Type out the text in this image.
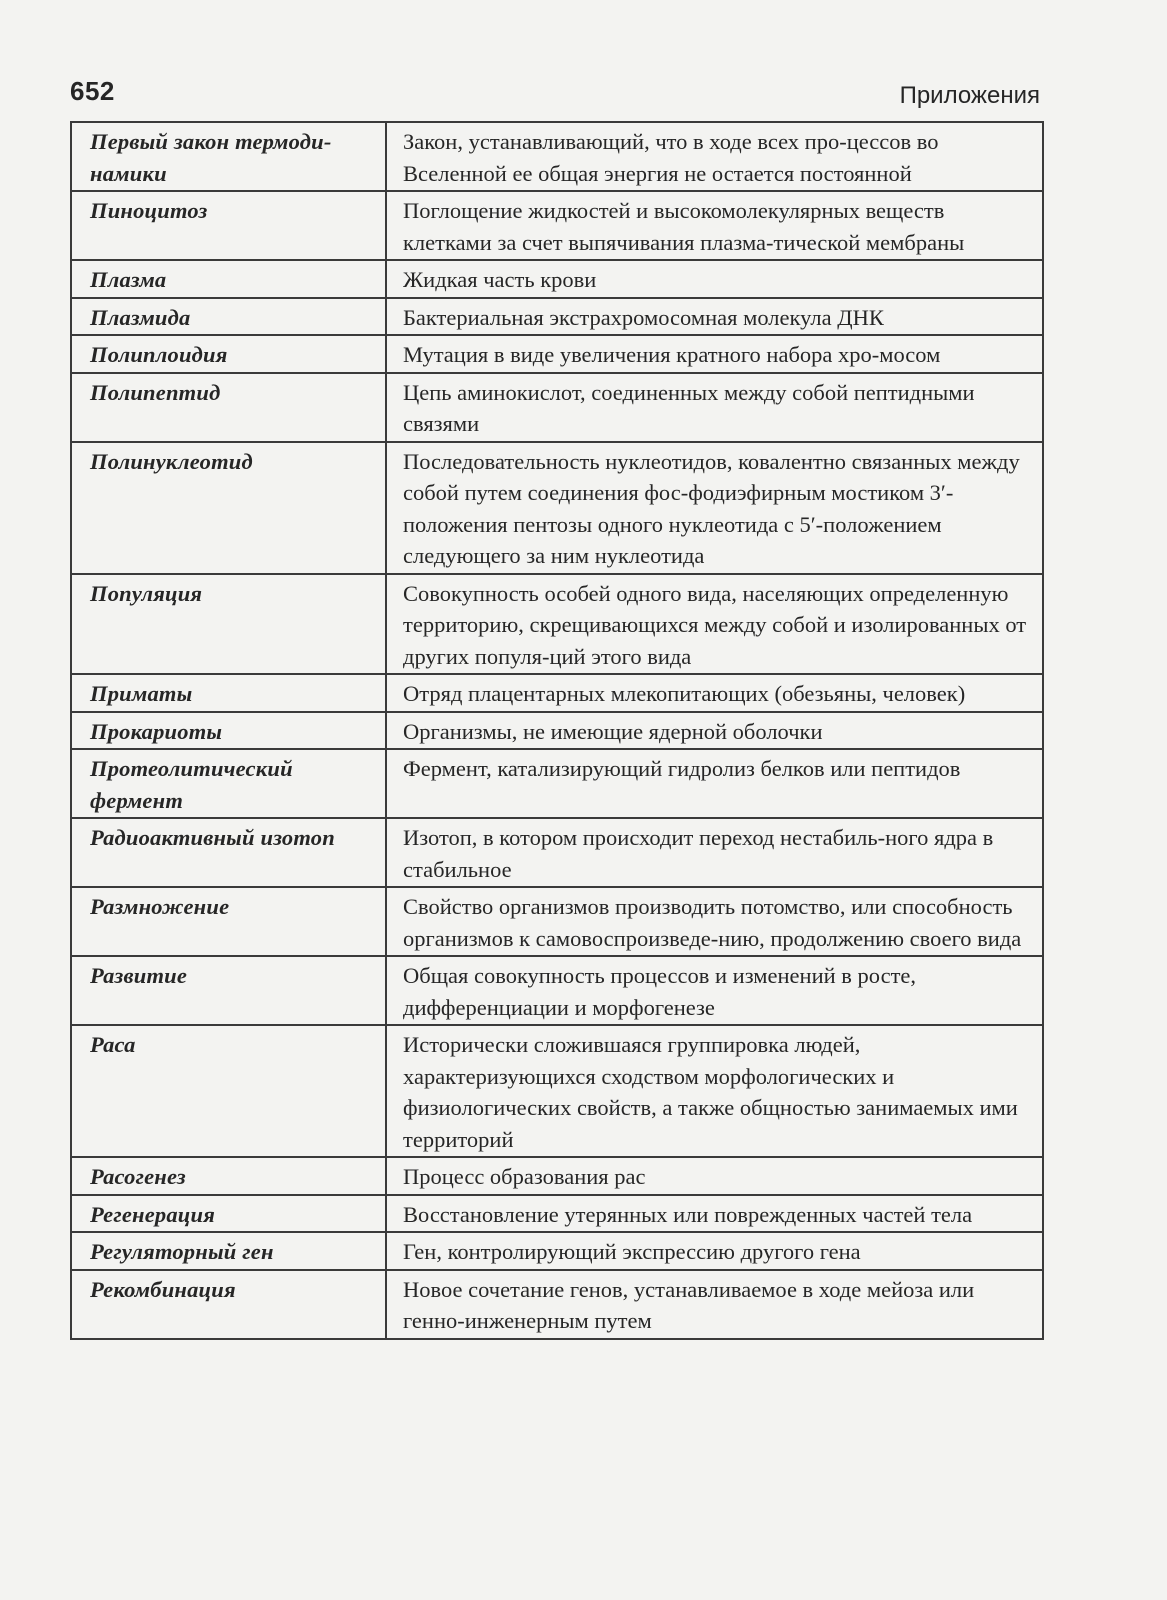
652	Приложения
Первый закон термоди-намики	Закон, устанавливающий, что в ходе всех про-цессов во Вселенной ее общая энергия не остается постоянной
Пиноцитоз	Поглощение жидкостей и высокомолекулярных веществ клетками за счет выпячивания плазма-тической мембраны
Плазма	Жидкая часть крови
Плазмида	Бактериальная экстрахромосомная молекула ДНК
Полиплоидия	Мутация в виде увеличения кратного набора хро-мосом
Полипептид	Цепь аминокислот, соединенных между собой пептидными связями
Полинуклеотид	Последовательность нуклеотидов, ковалентно связанных между собой путем соединения фос-фодиэфирным мостиком 3′-положения пентозы одного нуклеотида с 5′-положением следующего за ним нуклеотида
Популяция	Совокупность особей одного вида, населяющих определенную территорию, скрещивающихся между собой и изолированных от других популя-ций этого вида
Приматы	Отряд плацентарных млекопитающих (обезьяны, человек)
Прокариоты	Организмы, не имеющие ядерной оболочки
Протеолитический фермент	Фермент, катализирующий гидролиз белков или пептидов
Радиоактивный изотоп	Изотоп, в котором происходит переход нестабиль-ного ядра в стабильное
Размножение	Свойство организмов производить потомство, или способность организмов к самовоспроизведе-нию, продолжению своего вида
Развитие	Общая совокупность процессов и изменений в росте, дифференциации и морфогенезе
Раса	Исторически сложившаяся группировка людей, характеризующихся сходством морфологических и физиологических свойств, а также общностью занимаемых ими территорий
Расогенез	Процесс образования рас
Регенерация	Восстановление утерянных или поврежденных частей тела
Регуляторный ген	Ген, контролирующий экспрессию другого гена
Рекомбинация	Новое сочетание генов, устанавливаемое в ходе мейоза или генно-инженерным путем
